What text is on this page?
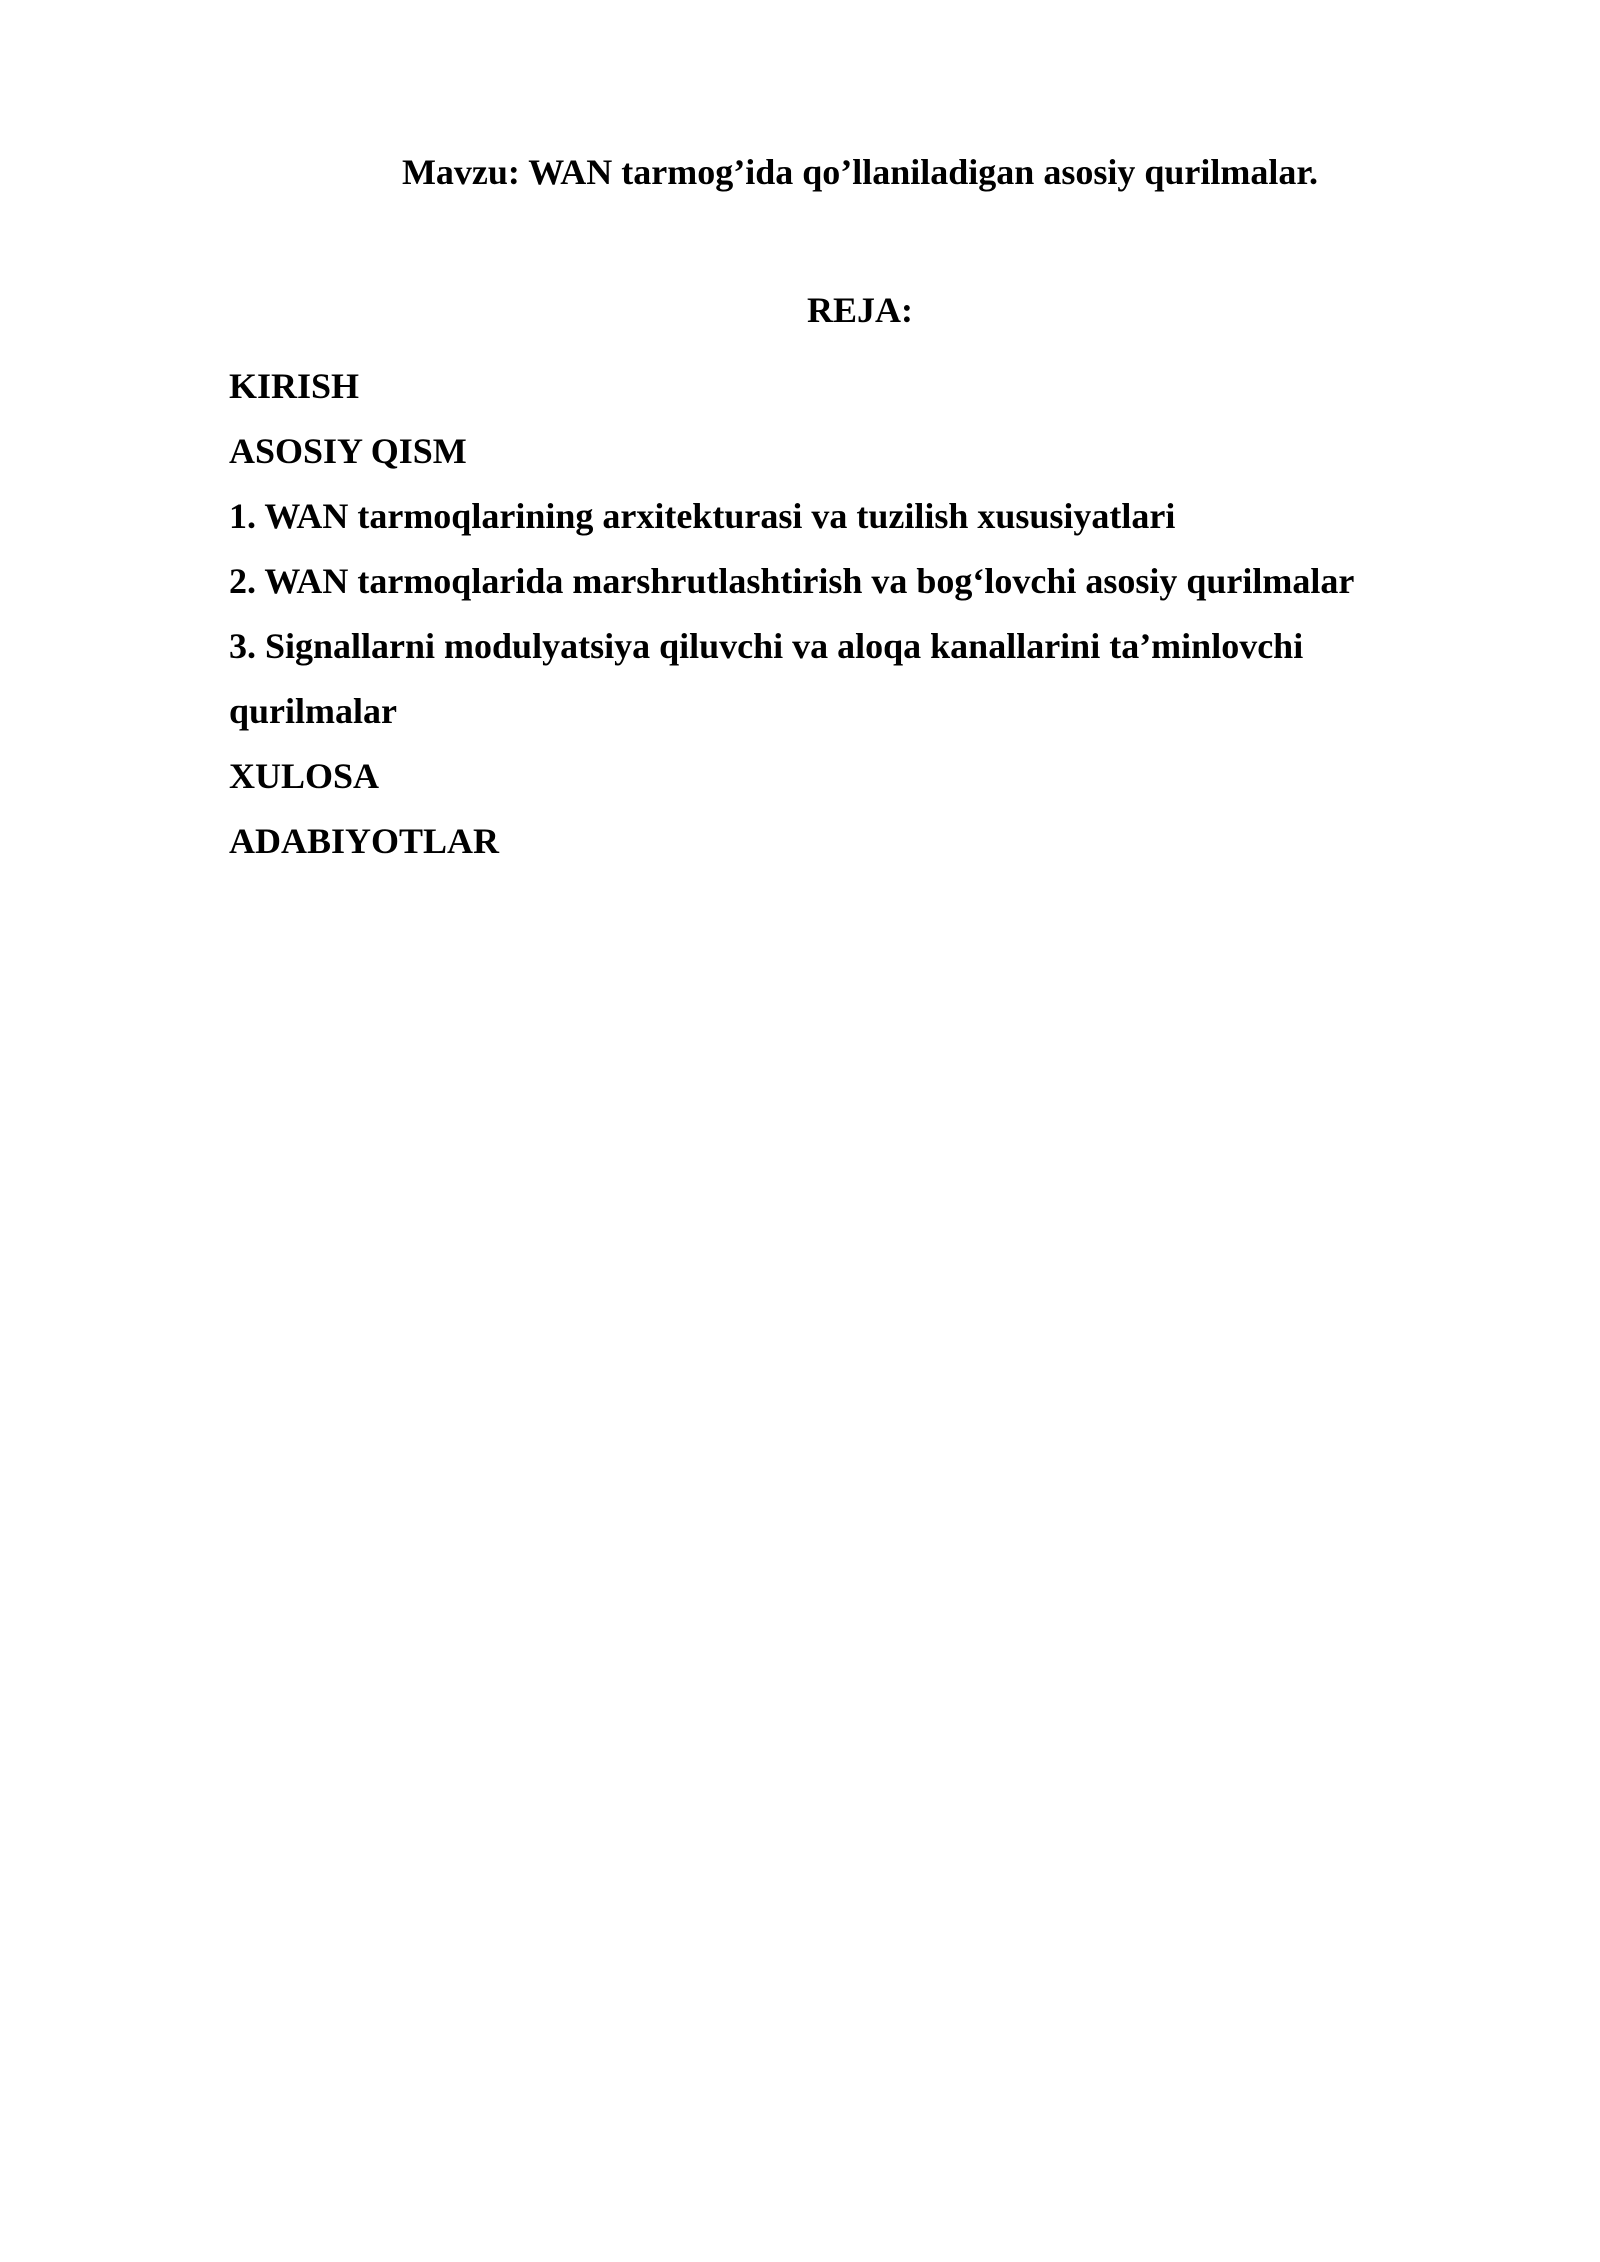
Mavzu: WAN tarmog’ida qo’llaniladigan asosiy qurilmalar.
REJA:
KIRISH
ASOSIY QISM
1. WAN tarmoqlarining arxitekturasi va tuzilish xususiyatlari
2. WAN tarmoqlarida marshrutlashtirish va bog‘lovchi asosiy qurilmalar
3. Signallarni modulyatsiya qiluvchi va aloqa kanallarini ta’minlovchi
qurilmalar
XULOSA
ADABIYOTLAR
